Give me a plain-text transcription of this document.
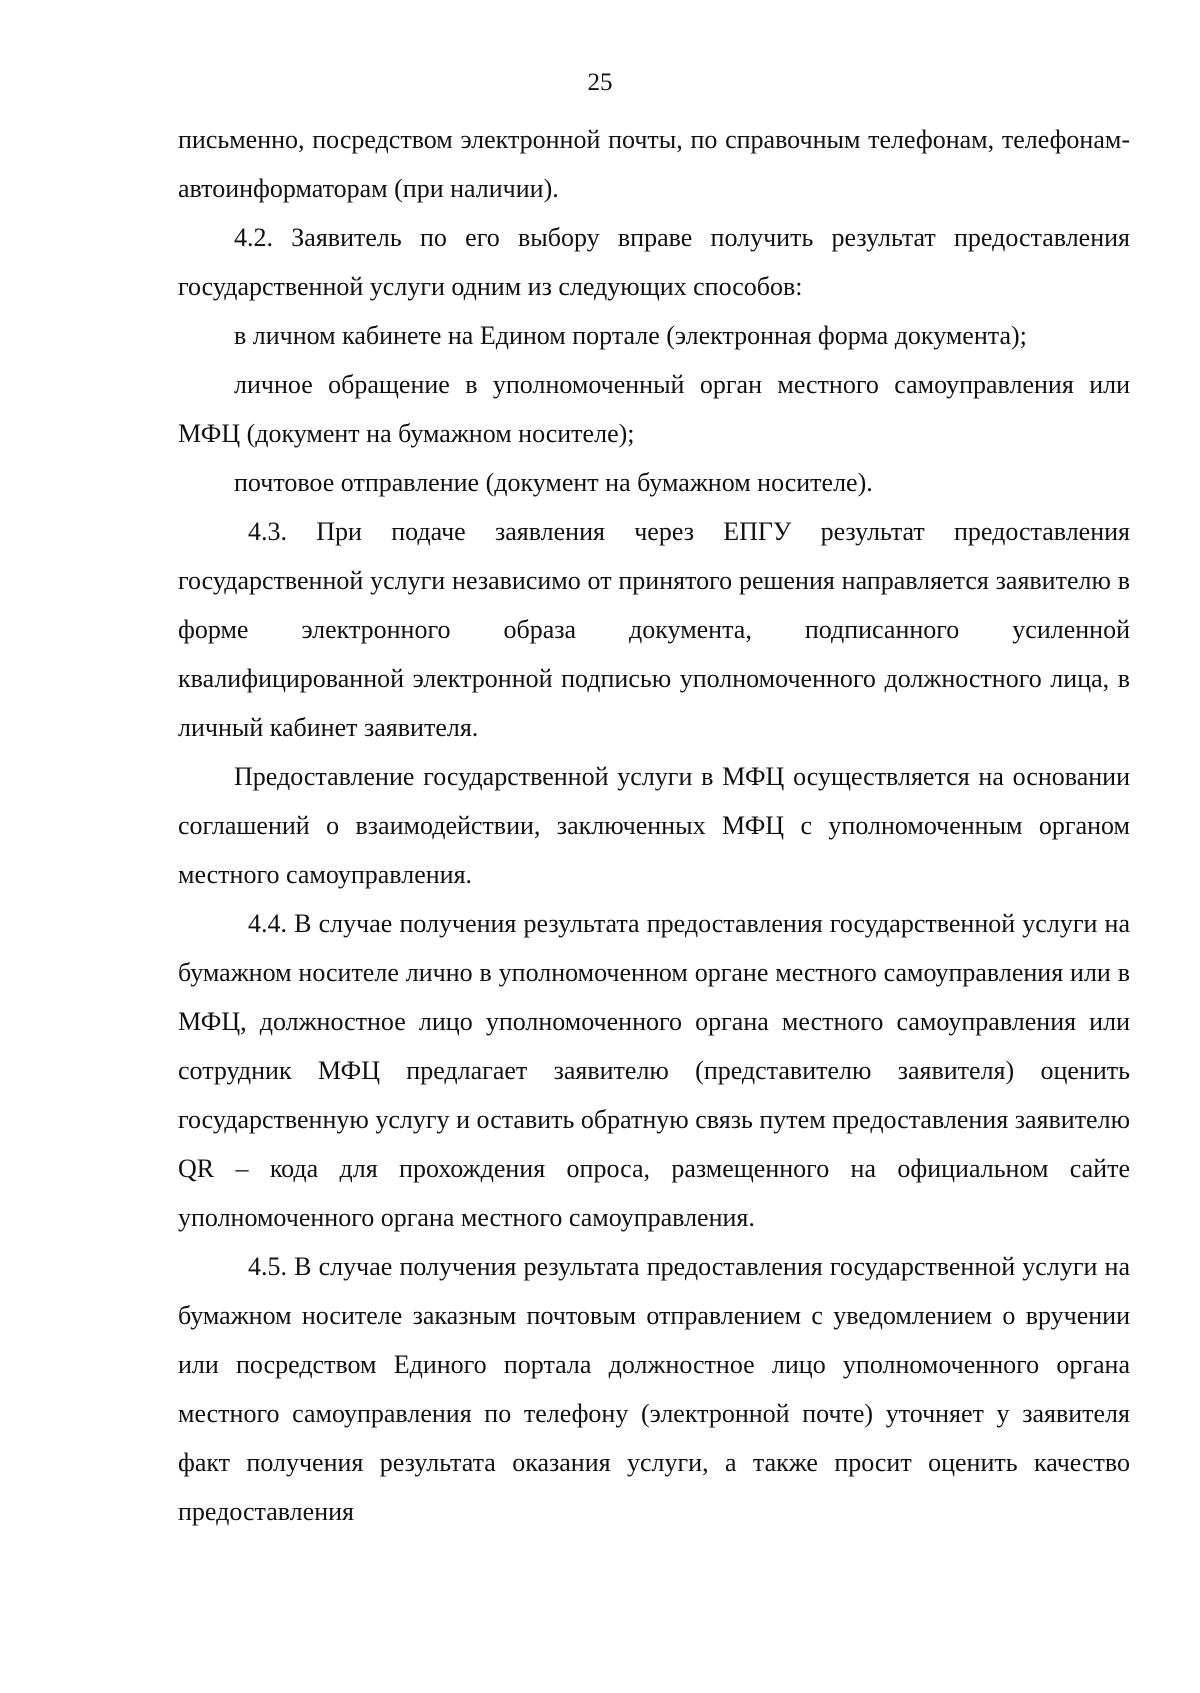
25

письменно, посредством электронной почты, по справочным телефонам, телефонам-автоинформаторам (при наличии).

4.2. Заявитель по его выбору вправе получить результат предоставления государственной услуги одним из следующих способов:

в личном кабинете на Едином портале (электронная форма документа);

личное обращение в уполномоченный орган местного самоуправления или МФЦ (документ на бумажном носителе);

почтовое отправление (документ на бумажном носителе).

4.3. При подаче заявления через ЕПГУ результат предоставления государственной услуги независимо от принятого решения направляется заявителю в форме электронного образа документа, подписанного усиленной квалифицированной электронной подписью уполномоченного должностного лица, в личный кабинет заявителя.

Предоставление государственной услуги в МФЦ осуществляется на основании соглашений о взаимодействии, заключенных МФЦ с уполномоченным органом местного самоуправления.

4.4. В случае получения результата предоставления государственной услуги на бумажном носителе лично в уполномоченном органе местного самоуправления или в МФЦ, должностное лицо уполномоченного органа местного самоуправления или сотрудник МФЦ предлагает заявителю (представителю заявителя) оценить государственную услугу и оставить обратную связь путем предоставления заявителю QR – кода для прохождения опроса, размещенного на официальном сайте уполномоченного органа местного самоуправления.

4.5. В случае получения результата предоставления государственной услуги на бумажном носителе заказным почтовым отправлением с уведомлением о вручении или посредством Единого портала должностное лицо уполномоченного органа местного самоуправления по телефону (электронной почте) уточняет у заявителя факт получения результата оказания услуги, а также просит оценить качество предоставления
